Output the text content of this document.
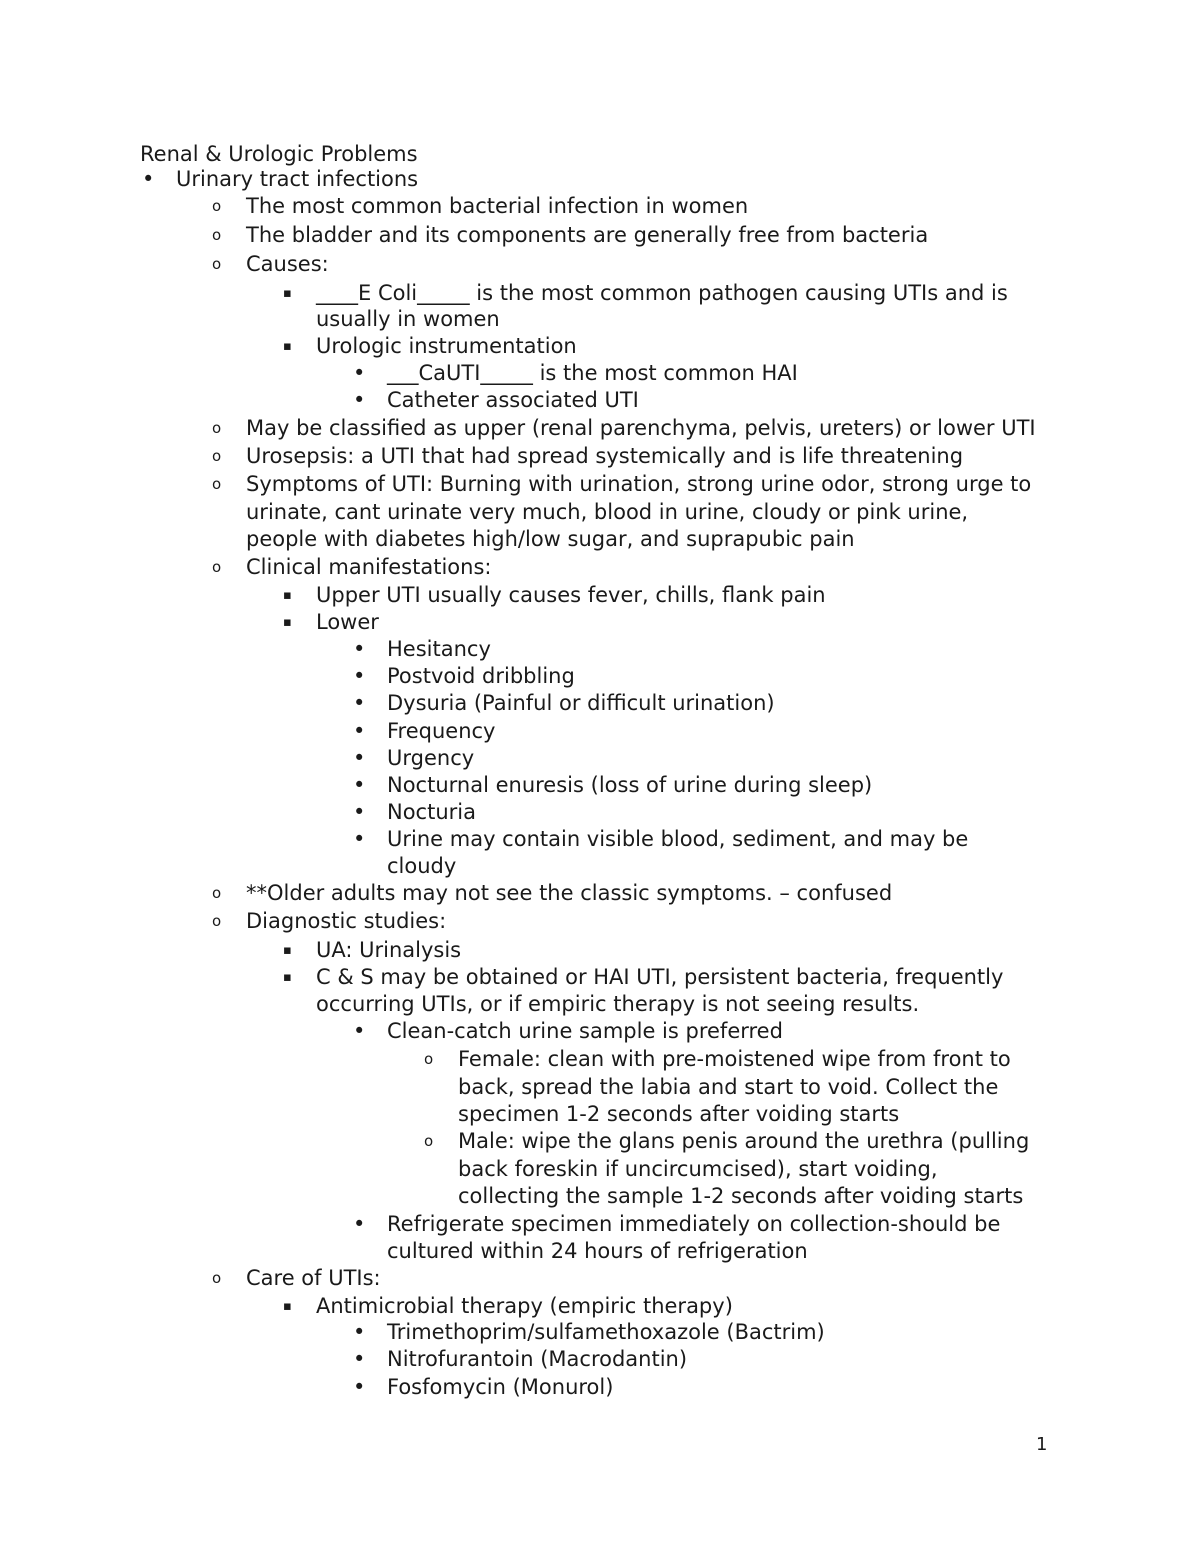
Renal & Urologic Problems
• Urinary tract infections
o The most common bacterial infection in women
o The bladder and its components are generally free from bacteria
o Causes:
▪ ____E Coli_____ is the most common pathogen causing UTIs and is
usually in women
▪ Urologic instrumentation
• ___CaUTI_____ is the most common HAI
• Catheter associated UTI
o May be classified as upper (renal parenchyma, pelvis, ureters) or lower UTI
o Urosepsis: a UTI that had spread systemically and is life threatening
o Symptoms of UTI: Burning with urination, strong urine odor, strong urge to
urinate, cant urinate very much, blood in urine, cloudy or pink urine,
people with diabetes high/low sugar, and suprapubic pain
o Clinical manifestations:
▪ Upper UTI usually causes fever, chills, flank pain
▪ Lower
• Hesitancy
• Postvoid dribbling
• Dysuria (Painful or difficult urination)
• Frequency
• Urgency
• Nocturnal enuresis (loss of urine during sleep)
• Nocturia
• Urine may contain visible blood, sediment, and may be
cloudy
o **Older adults may not see the classic symptoms. – confused
o Diagnostic studies:
▪ UA: Urinalysis
▪ C & S may be obtained or HAI UTI, persistent bacteria, frequently
occurring UTIs, or if empiric therapy is not seeing results.
• Clean-catch urine sample is preferred
o Female: clean with pre-moistened wipe from front to
back, spread the labia and start to void. Collect the
specimen 1-2 seconds after voiding starts
o Male: wipe the glans penis around the urethra (pulling
back foreskin if uncircumcised), start voiding,
collecting the sample 1-2 seconds after voiding starts
• Refrigerate specimen immediately on collection-should be
cultured within 24 hours of refrigeration
o Care of UTIs:
▪ Antimicrobial therapy (empiric therapy)
• Trimethoprim/sulfamethoxazole (Bactrim)
• Nitrofurantoin (Macrodantin)
• Fosfomycin (Monurol)
1
